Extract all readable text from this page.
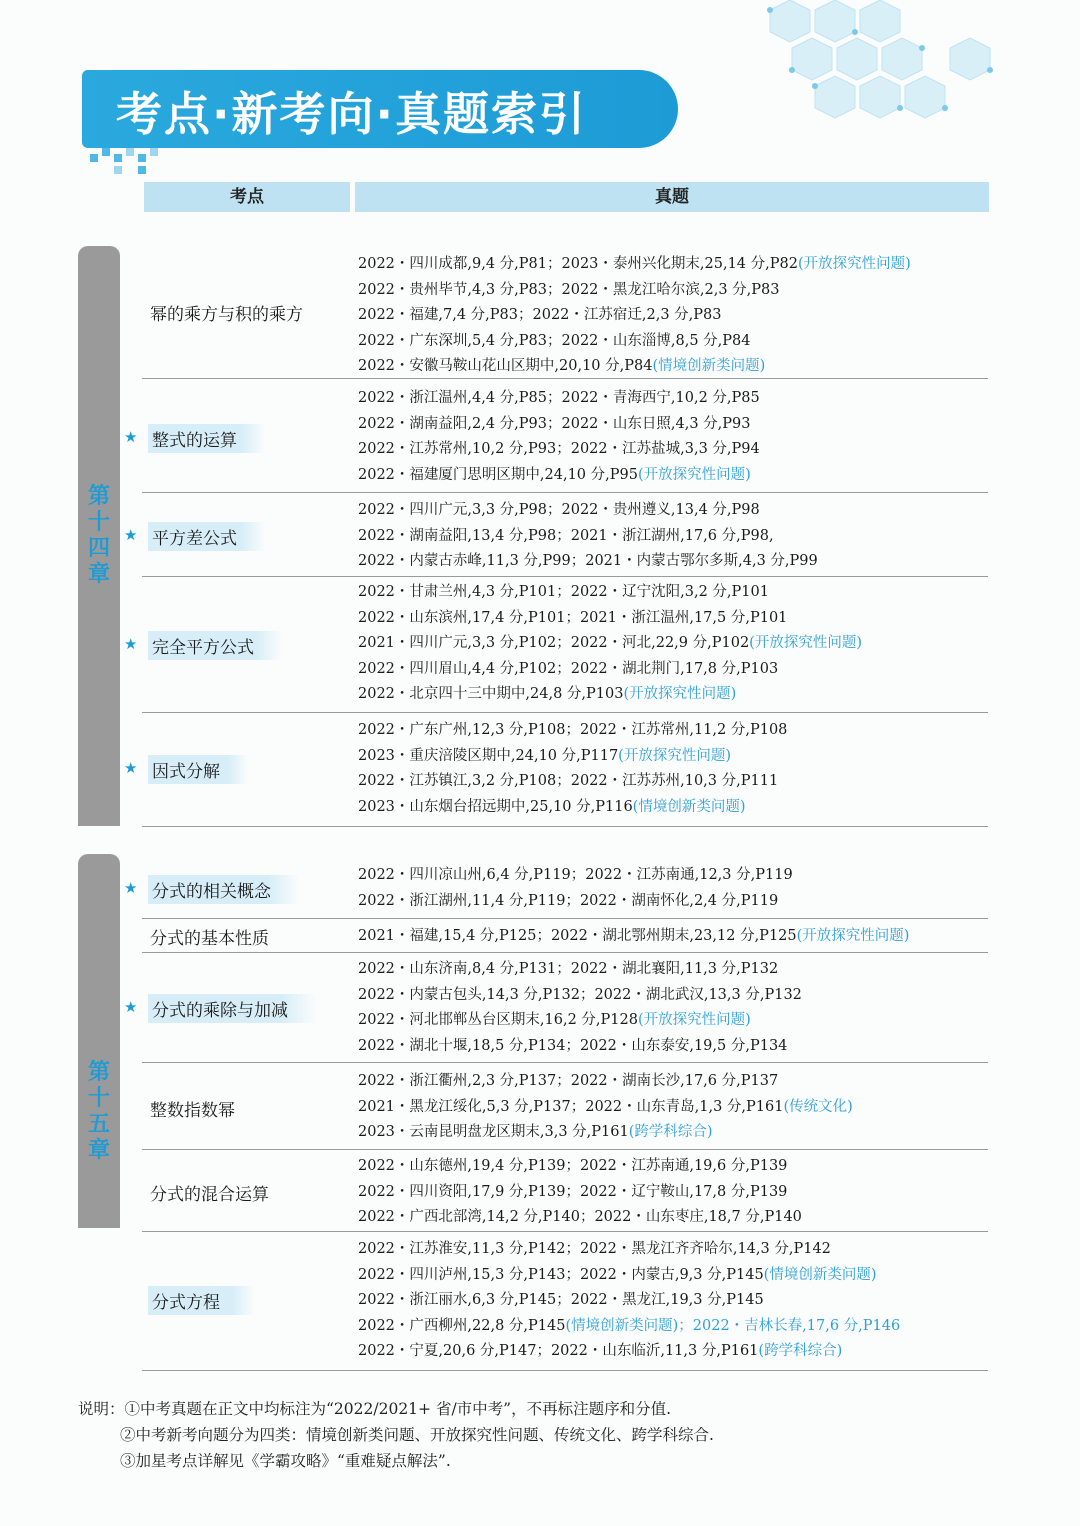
考点·新考向·真题索引
考点	真题
第
十
四
章
第
十
五
章
幂的乘方与积的乘方
2022・四川成都,9,4 分,P81；2023・泰州兴化期末,25,14 分,P82(开放探究性问题)
2022・贵州毕节,4,3 分,P83；2022・黑龙江哈尔滨,2,3 分,P83
2022・福建,7,4 分,P83；2022・江苏宿迁,2,3 分,P83
2022・广东深圳,5,4 分,P83；2022・山东淄博,8,5 分,P84
2022・安徽马鞍山花山区期中,20,10 分,P84(情境创新类问题)
★ 整式的运算
2022・浙江温州,4,4 分,P85；2022・青海西宁,10,2 分,P85
2022・湖南益阳,2,4 分,P93；2022・山东日照,4,3 分,P93
2022・江苏常州,10,2 分,P93；2022・江苏盐城,3,3 分,P94
2022・福建厦门思明区期中,24,10 分,P95(开放探究性问题)
★ 平方差公式
2022・四川广元,3,3 分,P98；2022・贵州遵义,13,4 分,P98
2022・湖南益阳,13,4 分,P98；2021・浙江湖州,17,6 分,P98,
2022・内蒙古赤峰,11,3 分,P99；2021・内蒙古鄂尔多斯,4,3 分,P99
★ 完全平方公式
2022・甘肃兰州,4,3 分,P101；2022・辽宁沈阳,3,2 分,P101
2022・山东滨州,17,4 分,P101；2021・浙江温州,17,5 分,P101
2021・四川广元,3,3 分,P102；2022・河北,22,9 分,P102(开放探究性问题)
2022・四川眉山,4,4 分,P102；2022・湖北荆门,17,8 分,P103
2022・北京四十三中期中,24,8 分,P103(开放探究性问题)
★ 因式分解
2022・广东广州,12,3 分,P108；2022・江苏常州,11,2 分,P108
2023・重庆涪陵区期中,24,10 分,P117(开放探究性问题)
2022・江苏镇江,3,2 分,P108；2022・江苏苏州,10,3 分,P111
2023・山东烟台招远期中,25,10 分,P116(情境创新类问题)
★ 分式的相关概念
2022・四川凉山州,6,4 分,P119；2022・江苏南通,12,3 分,P119
2022・浙江湖州,11,4 分,P119；2022・湖南怀化,2,4 分,P119
分式的基本性质	2021・福建,15,4 分,P125；2022・湖北鄂州期末,23,12 分,P125(开放探究性问题)
★ 分式的乘除与加减
2022・山东济南,8,4 分,P131；2022・湖北襄阳,11,3 分,P132
2022・内蒙古包头,14,3 分,P132；2022・湖北武汉,13,3 分,P132
2022・河北邯郸丛台区期末,16,2 分,P128(开放探究性问题)
2022・湖北十堰,18,5 分,P134；2022・山东泰安,19,5 分,P134
整数指数幂
2022・浙江衢州,2,3 分,P137；2022・湖南长沙,17,6 分,P137
2021・黑龙江绥化,5,3 分,P137；2022・山东青岛,1,3 分,P161(传统文化)
2023・云南昆明盘龙区期末,3,3 分,P161(跨学科综合)
分式的混合运算
2022・山东德州,19,4 分,P139；2022・江苏南通,19,6 分,P139
2022・四川资阳,17,9 分,P139；2022・辽宁鞍山,17,8 分,P139
2022・广西北部湾,14,2 分,P140；2022・山东枣庄,18,7 分,P140
分式方程
2022・江苏淮安,11,3 分,P142；2022・黑龙江齐齐哈尔,14,3 分,P142
2022・四川泸州,15,3 分,P143；2022・内蒙古,9,3 分,P145(情境创新类问题)
2022・浙江丽水,6,3 分,P145；2022・黑龙江,19,3 分,P145
2022・广西柳州,22,8 分,P145(情境创新类问题)；2022・吉林长春,17,6 分,P146
2022・宁夏,20,6 分,P147；2022・山东临沂,11,3 分,P161(跨学科综合)
说明：①中考真题在正文中均标注为“2022/2021+ 省/市中考”，不再标注题序和分值.
②中考新考向题分为四类：情境创新类问题、开放探究性问题、传统文化、跨学科综合.
③加星考点详解见《学霸攻略》“重难疑点解法”.
